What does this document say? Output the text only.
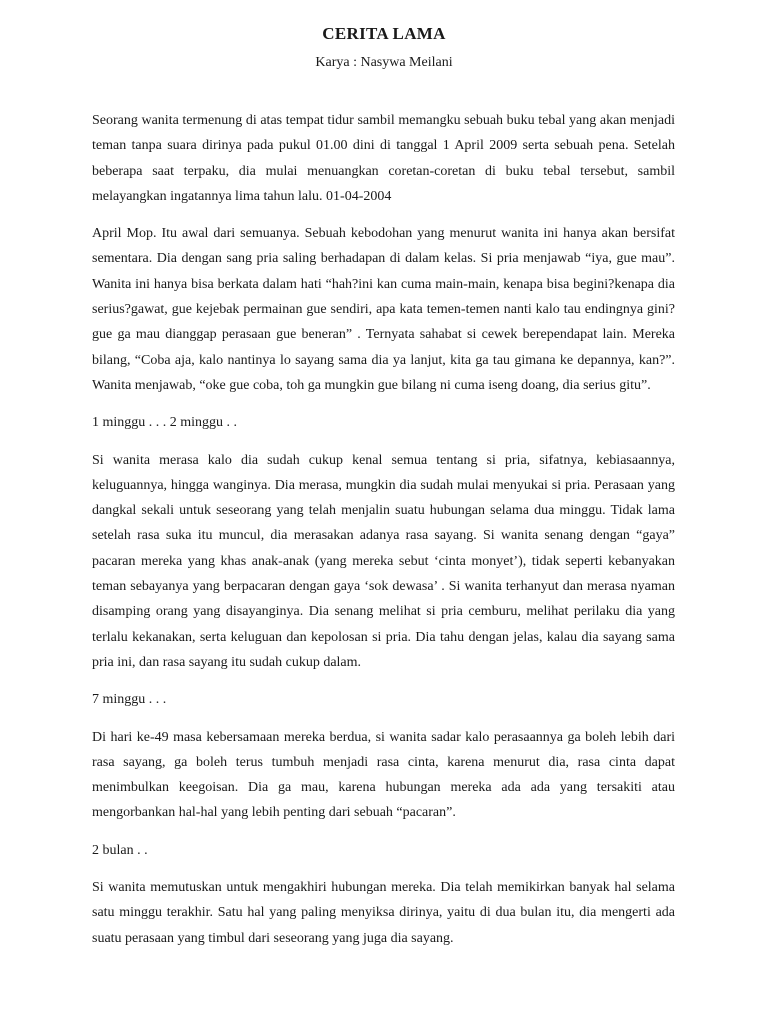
CERITA LAMA

Karya : Nasywa Meilani

Seorang wanita termenung di atas tempat tidur sambil memangku sebuah buku tebal yang akan menjadi teman tanpa suara dirinya pada pukul 01.00 dini di tanggal 1 April 2009 serta sebuah pena. Setelah beberapa saat terpaku, dia mulai menuangkan coretan-coretan di buku tebal tersebut, sambil melayangkan ingatannya lima tahun lalu. 01-04-2004

April Mop. Itu awal dari semuanya. Sebuah kebodohan yang menurut wanita ini hanya akan bersifat sementara. Dia dengan sang pria saling berhadapan di dalam kelas. Si pria menjawab “iya, gue mau”. Wanita ini hanya bisa berkata dalam hati “hah?ini kan cuma main-main, kenapa bisa begini?kenapa dia serius?gawat, gue kejebak permainan gue sendiri, apa kata temen-temen nanti kalo tau endingnya gini?gue ga mau dianggap perasaan gue beneran” . Ternyata sahabat si cewek berependapat lain. Mereka bilang, “Coba aja, kalo nantinya lo sayang sama dia ya lanjut, kita ga tau gimana ke depannya, kan?”. Wanita menjawab, “oke gue coba, toh ga mungkin gue bilang ni cuma iseng doang, dia serius gitu”.

1 minggu . . . 2 minggu . .

Si wanita merasa kalo dia sudah cukup kenal semua tentang si pria, sifatnya, kebiasaannya, keluguannya, hingga wanginya. Dia merasa, mungkin dia sudah mulai menyukai si pria. Perasaan yang dangkal sekali untuk seseorang yang telah menjalin suatu hubungan selama dua minggu. Tidak lama setelah rasa suka itu muncul, dia merasakan adanya rasa sayang. Si wanita senang dengan “gaya” pacaran mereka yang khas anak-anak (yang mereka sebut ‘cinta monyet’), tidak seperti kebanyakan teman sebayanya yang berpacaran dengan gaya ‘sok dewasa’ . Si wanita terhanyut dan merasa nyaman disamping orang yang disayanginya. Dia senang melihat si pria cemburu, melihat perilaku dia yang terlalu kekanakan, serta keluguan dan kepolosan si pria. Dia tahu dengan jelas, kalau dia sayang sama pria ini, dan rasa sayang itu sudah cukup dalam.

7 minggu . . .

Di hari ke-49 masa kebersamaan mereka berdua, si wanita sadar kalo perasaannya ga boleh lebih dari rasa sayang, ga boleh terus tumbuh menjadi rasa cinta, karena menurut dia, rasa cinta dapat menimbulkan keegoisan. Dia ga mau, karena hubungan mereka ada ada yang tersakiti atau mengorbankan hal-hal yang lebih penting dari sebuah “pacaran”.

2 bulan . .

Si wanita memutuskan untuk mengakhiri hubungan mereka. Dia telah memikirkan banyak hal selama satu minggu terakhir. Satu hal yang paling menyiksa dirinya, yaitu di dua bulan itu, dia mengerti ada suatu perasaan yang timbul dari seseorang yang juga dia sayang.
